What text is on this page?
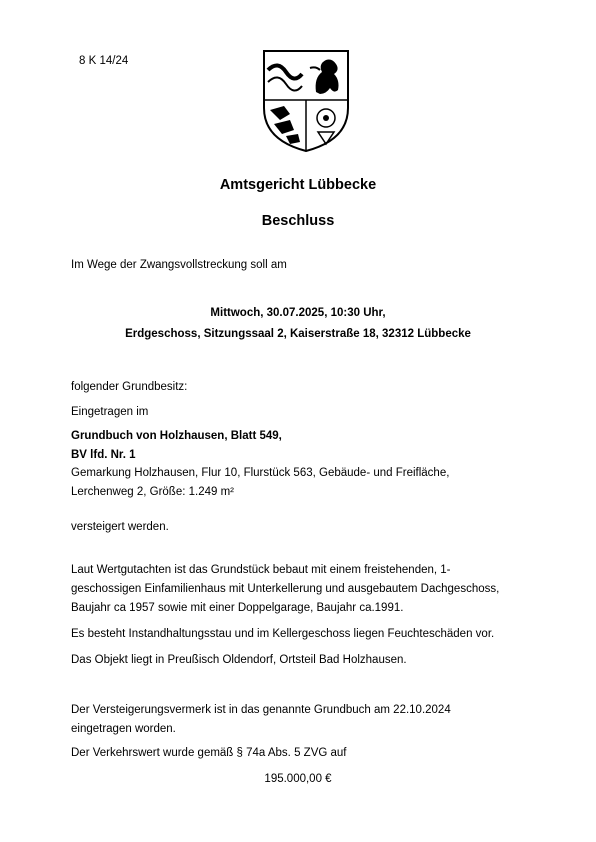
8 K 14/24
Amtsgericht Lübbecke
Beschluss
Im Wege der Zwangsvollstreckung soll am
Mittwoch, 30.07.2025, 10:30 Uhr,
Erdgeschoss, Sitzungssaal 2, Kaiserstraße 18, 32312 Lübbecke
folgender Grundbesitz:
Eingetragen im
Grundbuch von Holzhausen, Blatt 549,
BV lfd. Nr. 1
Gemarkung Holzhausen, Flur 10, Flurstück 563, Gebäude- und Freifläche,
Lerchenweg 2, Größe: 1.249 m²
versteigert werden.
Laut Wertgutachten ist das Grundstück bebaut mit einem freistehenden, 1-
geschossigen Einfamilienhaus mit Unterkellerung und ausgebautem Dachgeschoss,
Baujahr ca 1957 sowie mit einer Doppelgarage, Baujahr ca.1991.
Es besteht Instandhaltungsstau und im Kellergeschoss liegen Feuchteschäden vor.
Das Objekt liegt in Preußisch Oldendorf, Ortsteil Bad Holzhausen.
Der Versteigerungsvermerk ist in das genannte Grundbuch am 22.10.2024
eingetragen worden.
Der Verkehrswert wurde gemäß § 74a Abs. 5 ZVG auf
195.000,00 €
